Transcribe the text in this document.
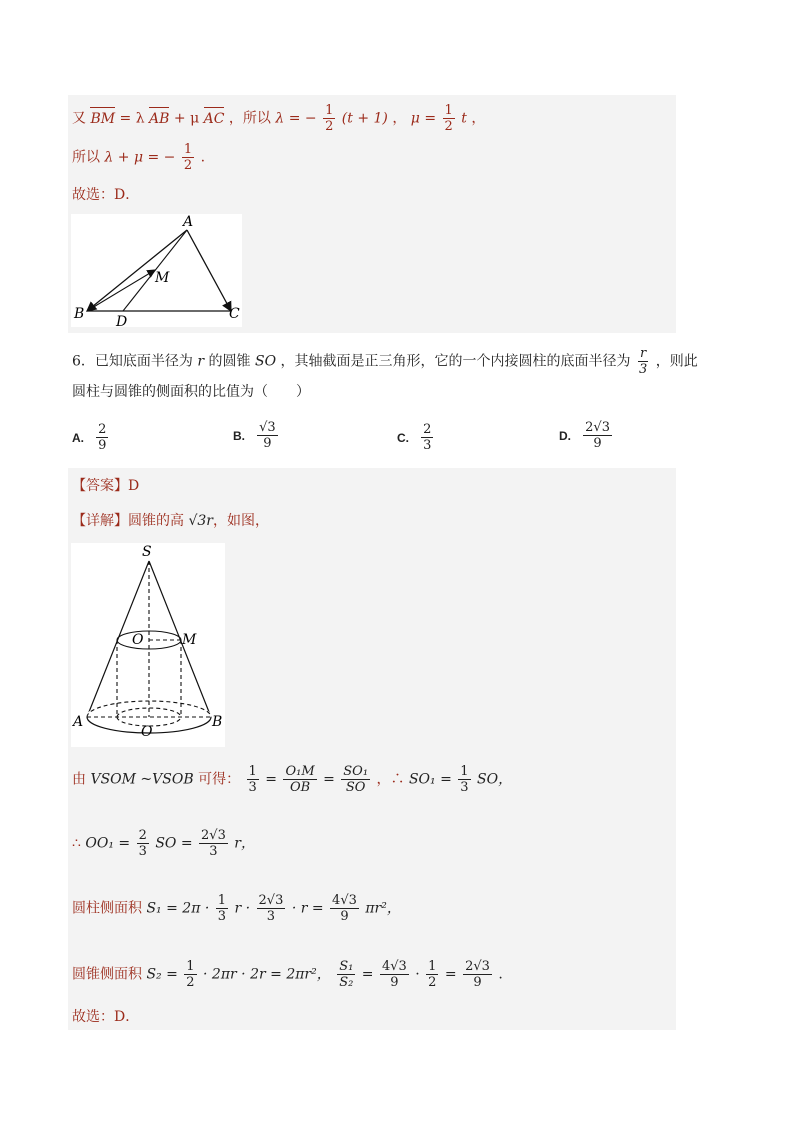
又 BM = λ AB + μ AC ，所以 λ = − $\frac{1}{2} (t + 1)$ ， $\mu = \frac{1}{2}$ t ，
所以 λ + μ = − $\frac{1}{2}$ .
故选：D．
A
M
B D	C
6．已知底面半径为 r 的圆锥 SO ，其轴截面是正三角形，它的一个内接圆柱的底面半径为 $\frac{r}{3}$ ，则此
圆柱与圆锥的侧面积的比值为（　　）
A. $\frac{2}{9}$	B. $\frac{√3}{9}$	C. $\frac{2}{3}$	D. $\frac{2√3}{9}$
【答案】D
【详解】圆锥的高 √3r，如图，
S
O	M
A	B
O
由 VSOM ~VSOB 可得： $\frac{1}{3} = \frac{\text{O₁M}}{OB} = \frac{\text{SO₁}}{SO}$ ，∴ $SO_1 = \frac{1}{3}$ SO，
∴ $OO_1 = \frac{2}{3}$ SO = $\frac{2√3}{3}$ r，
圆柱侧面积 $S_1 = 2\pi \cdot \frac{1}{3}$ $r \cdot \frac{2√3}{3} \cdot r = \frac{4√3}{9} \pi r^2$，
圆锥侧面积 $S_2 = \frac{1}{2} \cdot 2\pi r \cdot 2r = 2\pi r^2$， $\frac{\text{S₁}}{\text{S₂}} = \frac{4√3}{9} \cdot \frac{1}{2} = \frac{2√3}{9}$ .
故选：D．
